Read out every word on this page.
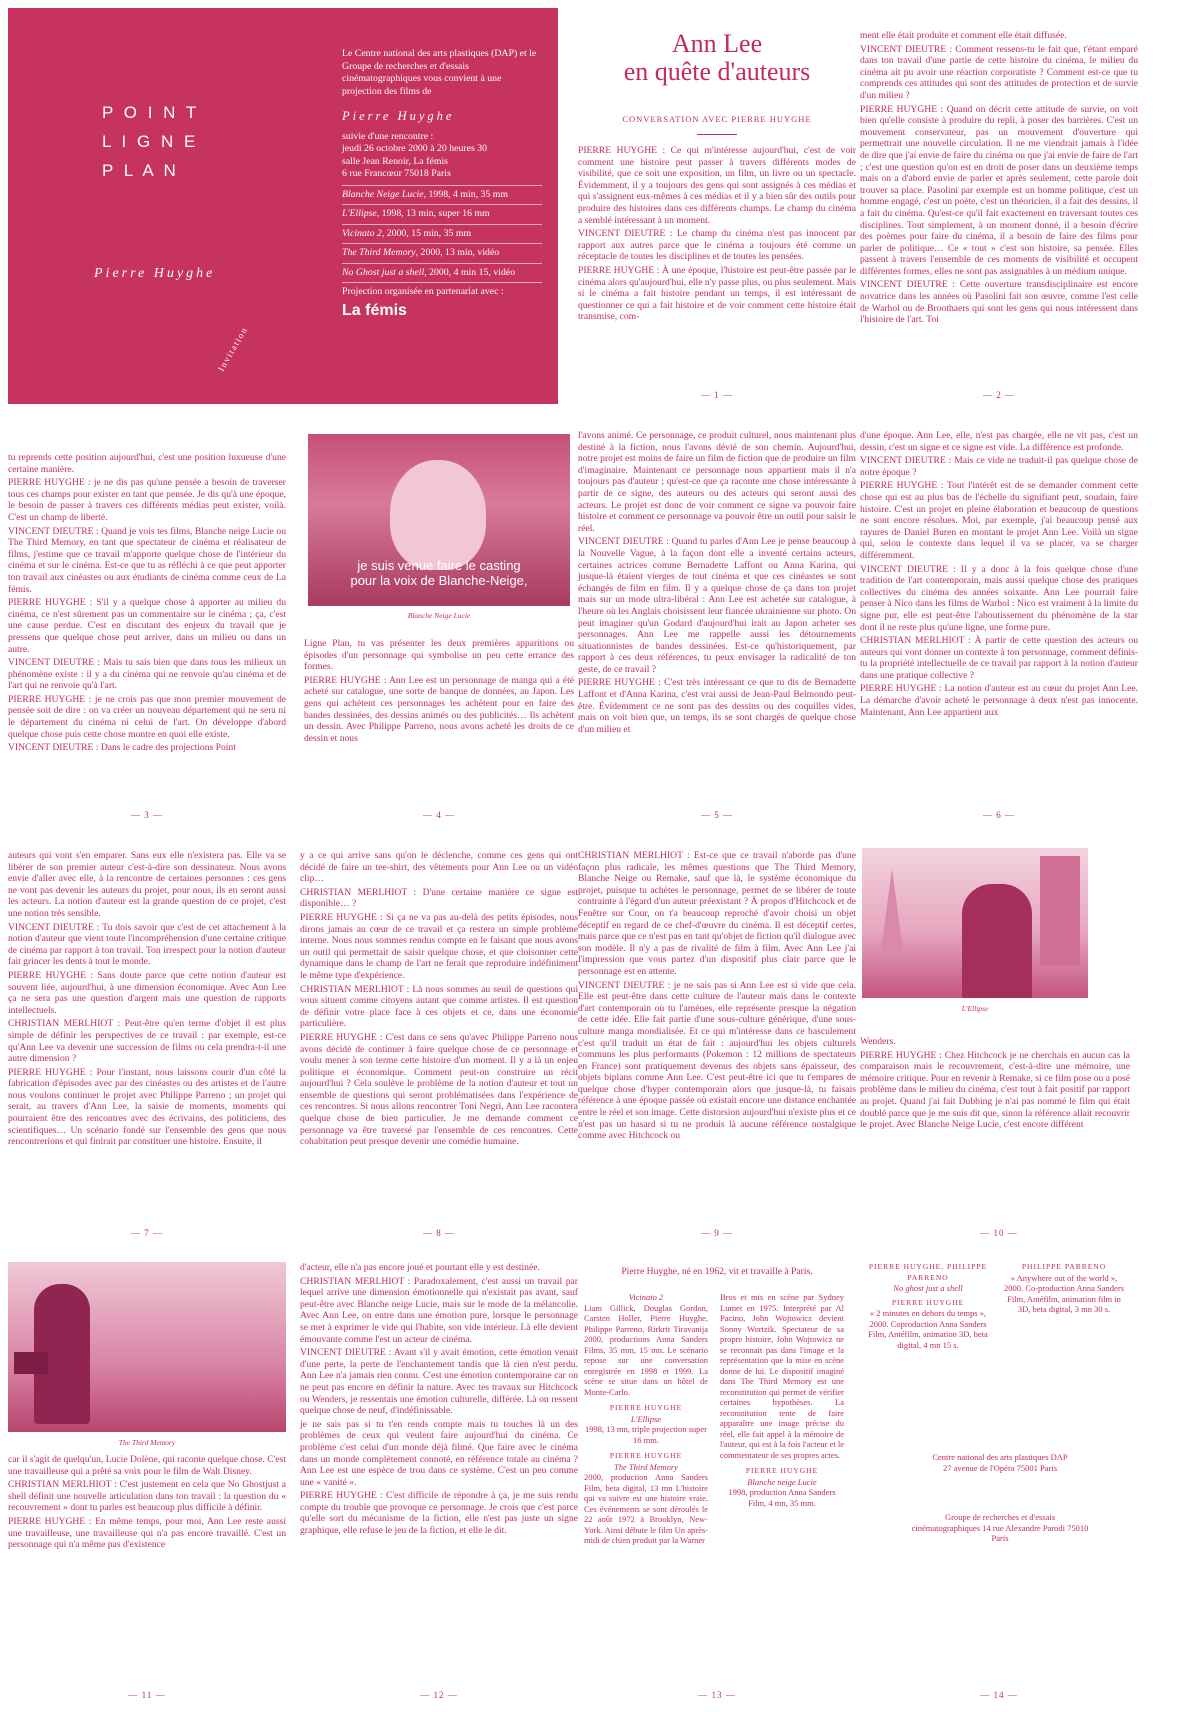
P O I N T
L I G N E
P L A N
Pierre Huyghe
Invitation
Le Centre national des arts plastiques (DAP) et le Groupe de recherches et d'essais cinématographiques vous convient à une projection des films de
Pierre Huyghe
suivie d'une rencontre :
jeudi 26 octobre 2000 à 20 heures 30
salle Jean Renoir, La fémis
6 rue Francœur 75018 Paris
Blanche Neige Lucie, 1998, 4 min, 35 mm
L'Ellipse, 1998, 13 min, super 16 mm
Vicinato 2, 2000, 15 min, 35 mm
The Third Memory, 2000, 13 min, vidéo
No Ghost just a shell, 2000, 4 min 15, vidéo
Projection organisée en partenariat avec :
La fémis
Ann Lee
en quête d'auteurs
CONVERSATION AVEC PIERRE HUYGHE

PIERRE HUYGHE : Ce qui m'intéresse aujourd'hui, c'est de voir comment une histoire peut passer à travers différents modes de visibilité, que ce soit une exposition, un film, un livre ou un spectacle. Évidemment, il y a toujours des gens qui sont assignés à ces médias et qui s'assignent eux-mêmes à ces médias et il y a bien sûr des outils pour produire des histoires dans ces différents champs. Le champ du cinéma a semblé intéressant à un moment.

VINCENT DIEUTRE : Le champ du cinéma n'est pas innocent par rapport aux autres parce que le cinéma a toujours été comme un réceptacle de toutes les disciplines et de toutes les pensées.

PIERRE HUYGHE : À une époque, l'histoire est peut-être passée par le cinéma alors qu'aujourd'hui, elle n'y passe plus, ou plus seulement. Mais si le cinéma a fait histoire pendant un temps, il est intéressant de questionner ce qui a fait histoire et de voir comment cette histoire était transmise, com-

— 1 —

ment elle était produite et comment elle était diffusée.

VINCENT DIEUTRE : Comment ressens-tu le fait que, t'étant emparé dans ton travail d'une partie de cette histoire du cinéma, le milieu du cinéma ait pu avoir une réaction corporatiste ? Comment est-ce que tu comprends ces attitudes qui sont des attitudes de protection et de survie d'un milieu ?

PIERRE HUYGHE : Quand on décrit cette attitude de survie, on voit bien qu'elle consiste à produire du repli, à poser des barrières. C'est un mouvement conservateur, pas un mouvement d'ouverture qui permettrait une nouvelle circulation. Il ne me viendrait jamais à l'idée de dire que j'ai envie de faire du cinéma ou que j'ai envie de faire de l'art ; c'est une question qu'on est en droit de poser dans un deuxième temps mais on a d'abord envie de parler et après seulement, cette parole doit trouver sa place. Pasolini par exemple est un homme politique, c'est un homme engagé, c'est un poète, c'est un théoricien, il a fait des dessins, il a fait du cinéma. Qu'est-ce qu'il fait exactement en traversant toutes ces disciplines. Tout simplement, à un moment donné, il a besoin d'écrire des poèmes pour faire du cinéma, il a besoin de faire des films pour parler de politique… Ce « tout » c'est son histoire, sa pensée. Elles passent à travers l'ensemble de ces moments de visibilité et occupent différentes formes, elles ne sont pas assignables à un médium unique.

VINCENT DIEUTRE : Cette ouverture transdisciplinaire est encore novatrice dans les années où Pasolini fait son œuvre, comme l'est celle de Warhol ou de Broothaers qui sont les gens qui nous intéressent dans l'histoire de l'art. Toi

— 2 —

tu reprends cette position aujourd'hui, c'est une position luxueuse d'une certaine manière.

PIERRE HUYGHE : je ne dis pas qu'une pensée a besoin de traverser tous ces champs pour exister en tant que pensée. Je dis qu'à une époque, le besoin de passer à travers ces différents médias peut exister, voilà. C'est un champ de liberté.

VINCENT DIEUTRE : Quand je vois tes films, Blanche neige Lucie ou The Third Memory, en tant que spectateur de cinéma et réalisateur de films, j'estime que ce travail m'apporte quelque chose de l'intérieur du cinéma et sur le cinéma. Est-ce que tu as réfléchi à ce que peut apporter ton travail aux cinéastes ou aux étudiants de cinéma comme ceux de La fémis.

PIERRE HUYGHE : S'il y a quelque chose à apporter au milieu du cinéma, ce n'est sûrement pas un commentaire sur le cinéma ; ça, c'est une cause perdue. C'est en discutant des enjeux du travail que je pressens que quelque chose peut arriver, dans un milieu ou dans un autre.

VINCENT DIEUTRE : Mais tu sais bien que dans tous les milieux un phénomène existe : il y a du cinéma qui ne renvoie qu'au cinéma et de l'art qui ne renvoie qu'à l'art.

PIERRE HUYGHE : je ne crois pas que mon premier mouvement de pensée soit de dire : on va créer un nouveau département qui ne sera ni le département du cinéma ni celui de l'art. On développe d'abord quelque chose puis cette chose montre en quoi elle existe.

VINCENT DIEUTRE : Dans le cadre des projections Point

— 3 —
je suis venue faire le casting
pour la voix de Blanche-Neige,
Blanche Neige Lucie

Ligne Plan, tu vas présenter les deux premières apparitions ou épisodes d'un personnage qui symbolise un peu cette errance des formes.

PIERRE HUYGHE : Ann Lee est un personnage de manga qui a été acheté sur catalogue, une sorte de banque de données, au Japon. Les gens qui achètent ces personnages les achètent pour en faire des bandes dessinées, des dessins animés ou des publicités… Ils achètent un dessin. Avec Philippe Parreno, nous avons acheté les droits de ce dessin et nous

— 4 —

l'avons animé. Ce personnage, ce produit culturel, nous maintenant plus destiné à la fiction, nous l'avons dévié de son chemin. Aujourd'hui, notre projet est moins de faire un film de fiction que de produire un film d'imaginaire. Maintenant ce personnage nous appartient mais il n'a toujours pas d'auteur ; qu'est-ce que ça raconte une chose intéressante à partir de ce signe, des auteurs ou des acteurs qui seront aussi des acteurs. Le projet est donc de voir comment ce signe va pouvoir faire histoire et comment ce personnage va pouvoir être un outil pour saisir le réel.

VINCENT DIEUTRE : Quand tu parles d'Ann Lee je pense beaucoup à la Nouvelle Vague, à la façon dont elle a inventé certains acteurs, certaines actrices comme Bernadette Laffont ou Anna Karina, qui jusque-là étaient vierges de tout cinéma et que ces cinéastes se sont échangés de film en film. Il y a quelque chose de ça dans ton projet mais sur un mode ultra-libéral : Ann Lee est achetée sur catalogue, à l'heure où les Anglais choisissent leur fiancée ukrainienne sur photo. On peut imaginer qu'un Godard d'aujourd'hui irait au Japon acheter ses personnages. Ann Lee me rappelle aussi les détournements situationnistes de bandes dessinées. Est-ce qu'historiquement, par rapport à ces deux références, tu peux envisager la radicalité de ton geste, de ce travail ?

PIERRE HUYGHE : C'est très intéressant ce que tu dis de Bernadette Laffont et d'Anna Karina, c'est vrai aussi de Jean-Paul Belmondo peut-être. Évidemment ce ne sont pas des dessins ou des coquilles vides, mais on voit bien que, un temps, ils se sont chargés de quelque chose d'un milieu et

— 5 —

d'une époque. Ann Lee, elle, n'est pas chargée, elle ne vit pas, c'est un dessin, c'est un signe et ce signe est vide. La différence est profonde.

VINCENT DIEUTRE : Mais ce vide ne traduit-il pas quelque chose de notre époque ?

PIERRE HUYGHE : Tout l'intérêt est de se demander comment cette chose qui est au plus bas de l'échelle du signifiant peut, soudain, faire histoire. C'est un projet en pleine élaboration et beaucoup de questions ne sont encore résolues. Moi, par exemple, j'ai beaucoup pensé aux rayures de Daniel Buren en montant le projet Ann Lee. Voilà un signe qui, selon le contexte dans lequel il va se placer, va se charger différemment.

VINCENT DIEUTRE : Il y a donc à la fois quelque chose d'une tradition de l'art contemporain, mais aussi quelque chose des pratiques collectives du cinéma des années soixante. Ann Lee pourrait faire penser à Nico dans les films de Warhol : Nico est vraiment à la limite du signe pur, elle est peut-être l'aboutissement du phénomène de la star dont il ne reste plus qu'une ligne, une forme pure.

CHRISTIAN MERLHIOT : À partir de cette question des acteurs ou auteurs qui vont donner un contexte à ton personnage, comment définis-tu la propriété intellectuelle de ce travail par rapport à la notion d'auteur dans une pratique collective ?

PIERRE HUYGHE : La notion d'auteur est au cœur du projet Ann Lee. La démarche d'avoir acheté le personnage à deux n'est pas innocente. Maintenant, Ann Lee appartient aux

— 6 —

auteurs qui vont s'en emparer. Sans eux elle n'existera pas. Elle va se libérer de son premier auteur c'est-à-dire son dessinateur. Nous avons envie d'aller avec elle, à la rencontre de certaines personnes : ces gens ne vont pas devenir les auteurs du projet, pour nous, ils en seront aussi les acteurs. La notion d'auteur est la grande question de ce projet, c'est une notion très sensible.

VINCENT DIEUTRE : Tu dois savoir que c'est de cet attachement à la notion d'auteur que vient toute l'incompréhension d'une certaine critique de cinéma par rapport à ton travail. Ton irrespect pour la notion d'auteur fait grincer les dents à tout le monde.

PIERRE HUYGHE : Sans doute parce que cette notion d'auteur est souvent liée, aujourd'hui, à une dimension économique. Avec Ann Lee ça ne sera pas une question d'argent mais une question de rapports intellectuels.

CHRISTIAN MERLHIOT : Peut-être qu'en terme d'objet il est plus simple de définir les perspectives de ce travail : par exemple, est-ce qu'Ann Lee va devenir une succession de films ou cela prendra-t-il une autre dimension ?

PIERRE HUYGHE : Pour l'instant, nous laissons courir d'un côté la fabrication d'épisodes avec par des cinéastes ou des artistes et de l'autre nous voulons continuer le projet avec Philippe Parreno ; un projet qui serait, au travers d'Ann Lee, la saisie de moments, moments qui pourraient être des rencontres avec des écrivains, des politiciens, des scientifiques… Un scénario fondé sur l'ensemble des gens que nous rencontrerions et qui finirait par constituer une histoire. Ensuite, il

— 7 —

y a ce qui arrive sans qu'on le déclenche, comme ces gens qui ont décidé de faire un tee-shirt, des vêtements pour Ann Lee ou un vidéo clip…

CHRISTIAN MERLHIOT : D'une certaine manière ce signe est disponible… ?

PIERRE HUYGHE : Si ça ne va pas au-delà des petits épisodes, nous dirons jamais au cœur de ce travail et ça restera un simple problème interne. Nous nous sommes rendus compte en le faisant que nous avons un outil qui permettait de saisir quelque chose, et que cloisonner cette dynamique dans le champ de l'art ne ferait que reproduire indéfiniment le même type d'expérience.

CHRISTIAN MERLHIOT : Là nous sommes au seuil de questions qui vous situent comme citoyens autant que comme artistes. Il est question de définir votre place face à ces objets et ce, dans une économie particulière.

PIERRE HUYGHE : C'est dans ce sens qu'avec Philippe Parreno nous avons décidé de continuer à faire quelque chose de ce personnage et voulu mener à son terme cette histoire d'un moment. Il y a là un enjeu politique et économique. Comment peut-on construire un récit aujourd'hui ? Cela soulève le problème de la notion d'auteur et tout un ensemble de questions qui seront problématisées dans l'expérience de ces rencontres. Si nous allons rencontrer Toni Negri, Ann Lee racontera quelque chose de bien particulier. Je me demande comment ce personnage va être traversé par l'ensemble de ces rencontres. Cette cohabitation peut presque devenir une comédie humaine.

— 8 —

CHRISTIAN MERLHIOT : Est-ce que ce travail n'aborde pas d'une façon plus radicale, les mêmes questions que The Third Memory, Blanche Neige ou Remake, sauf que là, le système économique du projet, puisque tu achètes le personnage, permet de se libérer de toute contrainte à l'égard d'un auteur préexistant ? À propos d'Hitchcock et de Fenêtre sur Cour, on t'a beaucoup reproché d'avoir choisi un objet déceptif en regard de ce chef-d'œuvre du cinéma. Il est déceptif certes, mais parce que ce n'est pas en tant qu'objet de fiction qu'il dialogue avec son modèle. Il n'y a pas de rivalité de film à film. Avec Ann Lee j'ai l'impression que vous partez d'un dispositif plus clair parce que le personnage est en attente.

VINCENT DIEUTRE : je ne sais pas si Ann Lee est si vide que cela. Elle est peut-être dans cette culture de l'auteur mais dans le contexte d'art contemporain où tu l'amènes, elle représente presque la négation de cette idée. Elle fait partie d'une sous-culture générique, d'une sous-culture manga mondialisée. Et ce qui m'intéresse dans ce basculement c'est qu'il traduit un état de fait : aujourd'hui les objets culturels communs les plus performants (Pokemon : 12 millions de spectateurs en France) sont pratiquement devenus des objets sans épaisseur, des objets biplans comme Ann Lee. C'est peut-être ici que tu t'empares de quelque chose d'hyper contemporain alors que jusque-là, tu faisais référence à une époque passée où existait encore une distance enchantée entre le réel et son image. Cette distorsion aujourd'hui n'existe plus et ce n'est pas un hasard si tu ne produis là aucune référence nostalgique comme avec Hitchcock ou

— 9 —
L'Ellipse

Wenders.

PIERRE HUYGHE : Chez Hitchcock je ne cherchais en aucun cas la comparaison mais le recouvrement, c'est-à-dire une mémoire, une mémoire critique. Pour en revenir à Remake, si ce film pose ou a posé problème dans le milieu du cinéma, c'est tout à fait positif par rapport au projet. Quand j'ai fait Dubbing je n'ai pas nommé le film qui était doublé parce que je me suis dit que, sinon la référence allait recouvrir le projet. Avec Blanche Neige Lucie, c'est encore différent

— 10 —
The Third Memory

car il s'agit de quelqu'un, Lucie Dolène, qui raconte quelque chose. C'est une travailleuse qui a prêté sa voix pour le film de Walt Disney.

CHRISTIAN MERLHIOT : C'est justement en cela que No Ghostjust a shell définit une nouvelle articulation dans ton travail : la question du « recouvrement » dont tu parles est beaucoup plus difficile à définir.

PIERRE HUYGHE : En même temps, pour moi, Ann Lee reste aussi une travailleuse, une travailleuse qui n'a pas encore travaillé. C'est un personnage qui n'a même pas d'existence

— 11 —

d'acteur, elle n'a pas encore joué et pourtant elle y est destinée.

CHRISTIAN MERLHIOT : Paradoxalement, c'est aussi un travail par lequel arrive une dimension émotionnelle qui n'existait pas avant, sauf peut-être avec Blanche neige Lucie, mais sur le mode de la mélancolie. Avec Ann Lee, on entre dans une émotion pure, lorsque le personnage se met à exprimer le vide qui l'habite, son vide intérieur. Là elle devient émouvante comme l'est un acteur de cinéma.

VINCENT DIEUTRE : Avant s'il y avait émotion, cette émotion venait d'une perte, la perte de l'enchantement tandis que là rien n'est perdu. Ann Lee n'a jamais rien connu. C'est une émotion contemporaine car on ne peut pas encore en définir la nature. Avec tes travaux sur Hitchcock ou Wenders, je ressentais une émotion culturelle, différée. Là on ressent quelque chose de neuf, d'indéfinissable.

je ne sais pas si tu t'en rends compte mais tu touches là un des problèmes de ceux qui veulent faire aujourd'hui du cinéma. Ce problème c'est celui d'un monde déjà filmé. Que faire avec le cinéma dans un monde complètement connoté, en référence totale au cinéma ? Ann Lee est une espèce de trou dans ce système. C'est un peu comme une « vanité ».

PIERRE HUYGHE : C'est difficile de répondre à ça, je me suis rendu compte du trouble que provoque ce personnage. Je crois que c'est parce qu'elle sort du mécanisme de la fiction, elle n'est pas juste un signe graphique, elle refuse le jeu de la fiction, et elle le dit.

— 12 —
Pierre Huyghe, né en 1962, vit et travaille à Paris.
Vicinato 2
Liam Gillick, Douglas Gordon, Carsten Holler, Pierre Huyghe, Philippe Parreno, Rirkrit Tiravanija 2000, productions Anna Sanders Films, 35 mm, 15 mn. Le scénario repose sur une conversation enregistrée en 1998 et 1999. La scène se situe dans un hôtel de Monte-Carlo.
PIERRE HUYGHE
L'Ellipse
1998, 13 mn, triple projection super 16 mm.
PIERRE HUYGHE
The Third Memory
2000, production Anna Sanders Film, beta digital, 13 mn L'histoire qui va suivre est une histoire vraie. Ces événements se sont déroulés le 22 août 1972 à Brooklyn, New-York. Ainsi débute le film Un après-midi de chien produit par la Warner
Bros et mis en scène par Sydney Lumet en 1975. Interprété par Al Pacino, John Wojtowicz devient Sonny Wortzik. Spectateur de sa propre histoire, John Wojtowicz ne se reconnait pas dans l'image et la représentation que la mise en scène donne de lui. Le dispositif imaginé dans The Third Memory est une reconstitution qui permet de vérifier certaines hypothèses. La reconstitution tente de faire apparaître une image précise du réel, elle fait appel à la mémoire de l'auteur, qui est à la fois l'acteur et le commentateur de ses propres actes.
PIERRE HUYGHE
Blanche neige Lucie
1998, production Anna Sanders Film, 4 mn, 35 mm.
— 13 —
PIERRE HUYGHE, PHILIPPE PARRENO
No ghost just a shell
PIERRE HUYGHE
« 2 minutes en dehors du temps », 2000. Coproduction Anna Sanders Film, Antéfilm, animation 3D, beta digital, 4 mn 15 s.
PHILIPPE PARRENO
« Anywhere out of the world », 2000. Co-production Anna Sanders Film, Antéfilm, animation film in 3D, beta digital, 3 mn 30 s.
Centre national des arts plastiques DAP 27 avenue de l'Opéra 75001 Paris
Groupe de recherches et d'essais cinématographiques 14 rue Alexandre Parodi 75010 Paris
— 14 —
